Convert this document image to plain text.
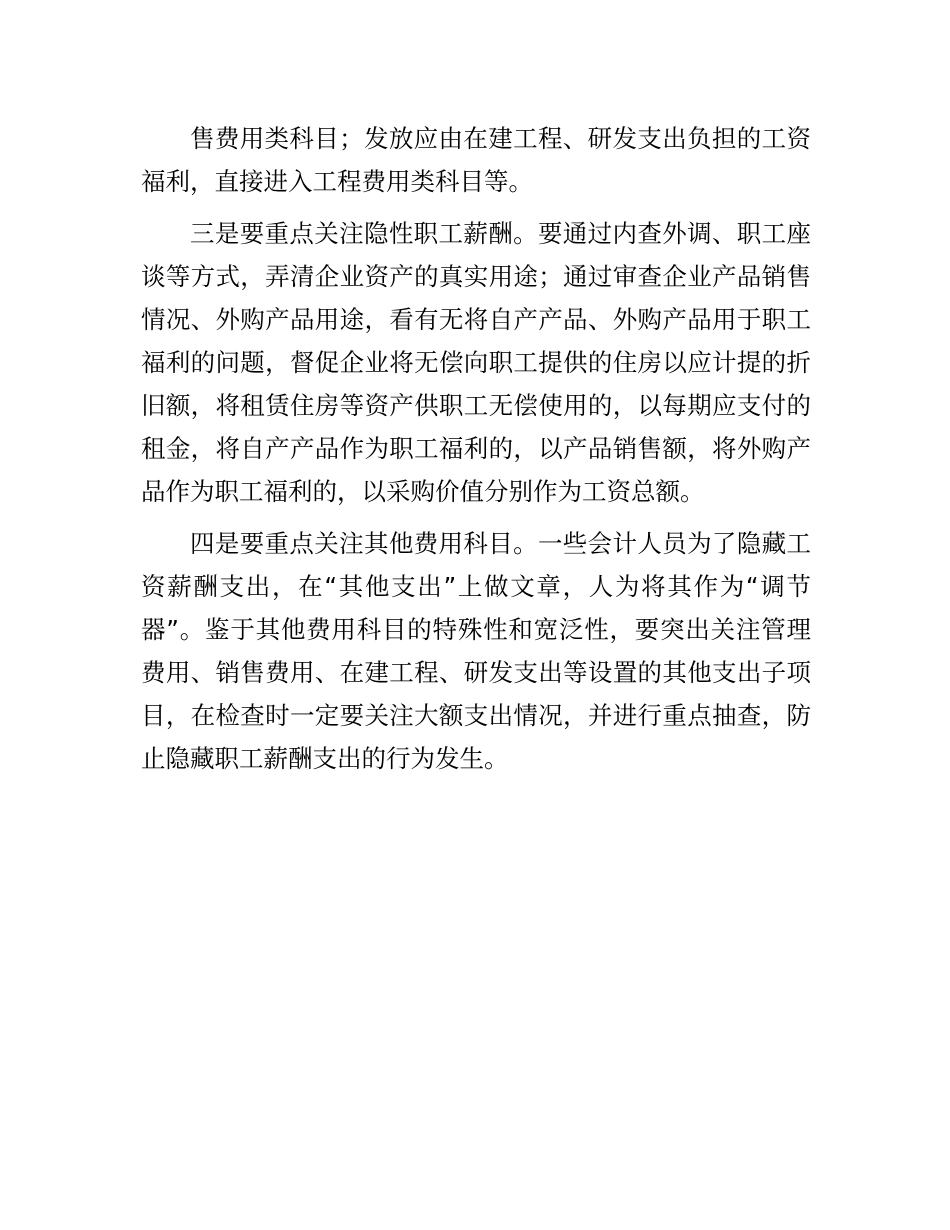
售费用类科目；发放应由在建工程、研发支出负担的工资
福利，直接进入工程费用类科目等。
三是要重点关注隐性职工薪酬。要通过内查外调、职工座
谈等方式，弄清企业资产的真实用途；通过审查企业产品销售
情况、外购产品用途，看有无将自产产品、外购产品用于职工
福利的问题，督促企业将无偿向职工提供的住房以应计提的折
旧额，将租赁住房等资产供职工无偿使用的，以每期应支付的
租金，将自产产品作为职工福利的，以产品销售额，将外购产
品作为职工福利的，以采购价值分别作为工资总额。
四是要重点关注其他费用科目。一些会计人员为了隐藏工
资薪酬支出，在“其他支出”上做文章，人为将其作为“调节
器”。鉴于其他费用科目的特殊性和宽泛性，要突出关注管理
费用、销售费用、在建工程、研发支出等设置的其他支出子项
目，在检查时一定要关注大额支出情况，并进行重点抽查，防
止隐藏职工薪酬支出的行为发生。
